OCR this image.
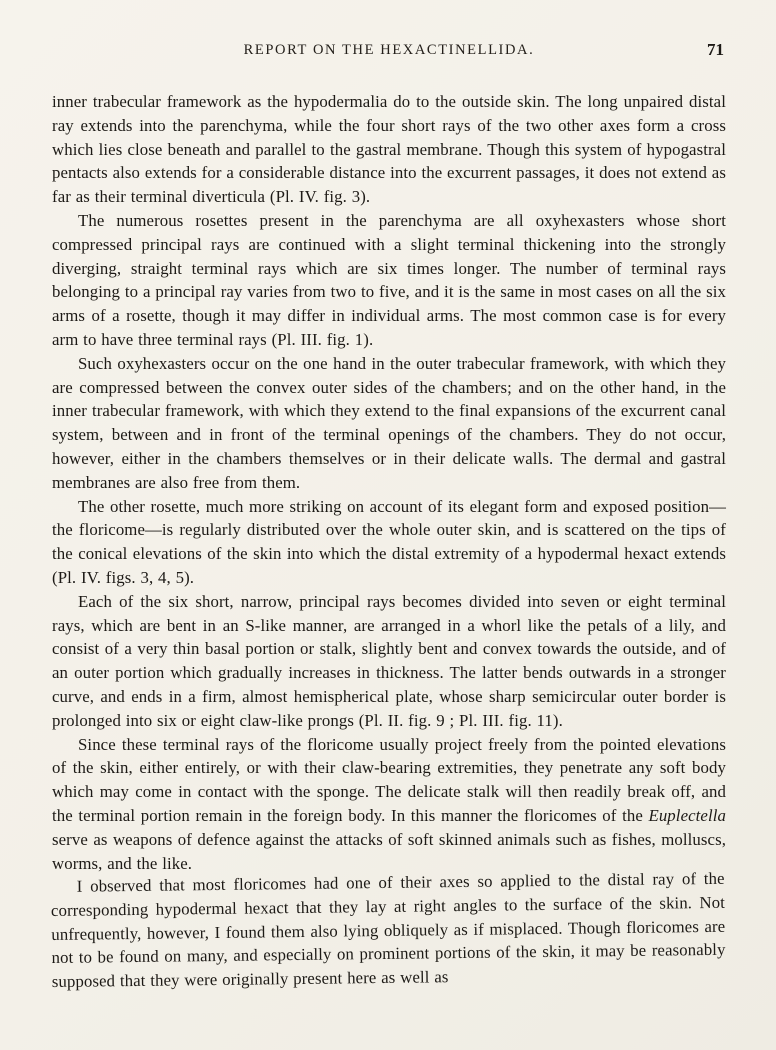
REPORT ON THE HEXACTINELLIDA.	71

inner trabecular framework as the hypodermalia do to the outside skin. The long unpaired distal ray extends into the parenchyma, while the four short rays of the two other axes form a cross which lies close beneath and parallel to the gastral membrane. Though this system of hypogastral pentacts also extends for a considerable distance into the excurrent passages, it does not extend as far as their terminal diverticula (Pl. IV. fig. 3).

The numerous rosettes present in the parenchyma are all oxyhexasters whose short compressed principal rays are continued with a slight terminal thickening into the strongly diverging, straight terminal rays which are six times longer. The number of terminal rays belonging to a principal ray varies from two to five, and it is the same in most cases on all the six arms of a rosette, though it may differ in individual arms. The most common case is for every arm to have three terminal rays (Pl. III. fig. 1).

Such oxyhexasters occur on the one hand in the outer trabecular framework, with which they are compressed between the convex outer sides of the chambers; and on the other hand, in the inner trabecular framework, with which they extend to the final expansions of the excurrent canal system, between and in front of the terminal openings of the chambers. They do not occur, however, either in the chambers themselves or in their delicate walls. The dermal and gastral membranes are also free from them.

The other rosette, much more striking on account of its elegant form and exposed position—the floricome—is regularly distributed over the whole outer skin, and is scattered on the tips of the conical elevations of the skin into which the distal extremity of a hypodermal hexact extends (Pl. IV. figs. 3, 4, 5).

Each of the six short, narrow, principal rays becomes divided into seven or eight terminal rays, which are bent in an S-like manner, are arranged in a whorl like the petals of a lily, and consist of a very thin basal portion or stalk, slightly bent and convex towards the outside, and of an outer portion which gradually increases in thickness. The latter bends outwards in a stronger curve, and ends in a firm, almost hemispherical plate, whose sharp semicircular outer border is prolonged into six or eight claw-like prongs (Pl. II. fig. 9 ; Pl. III. fig. 11).

Since these terminal rays of the floricome usually project freely from the pointed elevations of the skin, either entirely, or with their claw-bearing extremities, they penetrate any soft body which may come in contact with the sponge. The delicate stalk will then readily break off, and the terminal portion remain in the foreign body. In this manner the floricomes of the Euplectella serve as weapons of defence against the attacks of soft skinned animals such as fishes, molluscs, worms, and the like.

I observed that most floricomes had one of their axes so applied to the distal ray of the corresponding hypodermal hexact that they lay at right angles to the surface of the skin. Not unfrequently, however, I found them also lying obliquely as if misplaced. Though floricomes are not to be found on many, and especially on prominent portions of the skin, it may be reasonably supposed that they were originally present here as well as
